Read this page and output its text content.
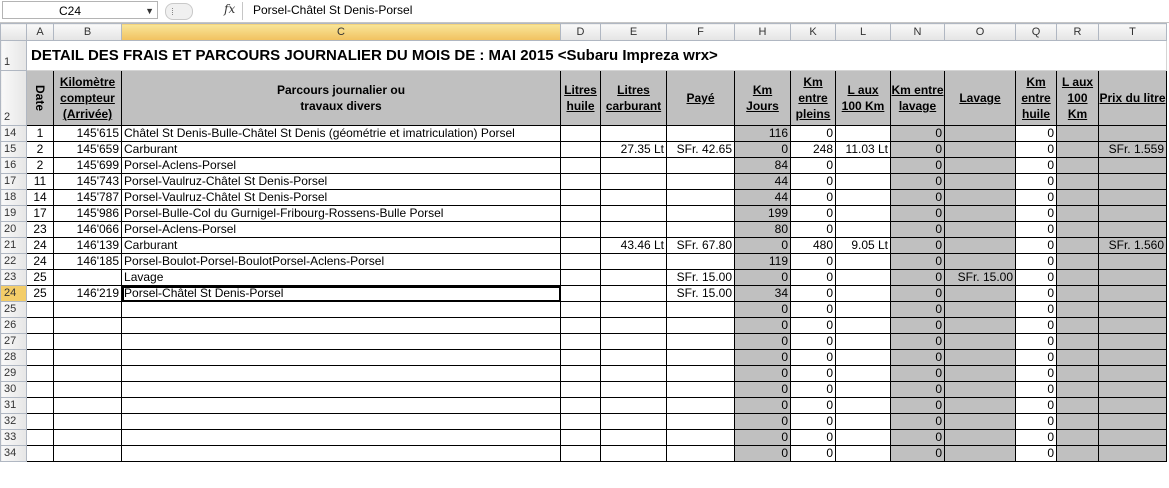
C24	▼	fx Porsel-Châtel St Denis-Porsel
	A	B	C	D	E	F	H	K	L	N	O	Q	R	T
1	DETAIL DES FRAIS ET PARCOURS JOURNALIER DU MOIS DE : MAI 2015 <Subaru Impreza wrx>													
2	Date	Kilomètre compteur (Arrivée)	Parcours journalier ou travaux divers	Litres huile	Litres carburant	Payé	Km Jours	Km entre pleins	L aux 100 Km	Km entre lavage	Lavage	Km entre huile	L aux 100 Km	Prix du litre
14	1	145'615	Châtel St Denis-Bulle-Châtel St Denis (géométrie et imatriculation) Porsel				116	0		0		0		
15	2	145'659	Carburant		27.35 Lt	SFr. 42.65	0	248	11.03 Lt	0		0		SFr. 1.559
16	2	145'699	Porsel-Aclens-Porsel				84	0		0		0		
17	11	145'743	Porsel-Vaulruz-Châtel St Denis-Porsel				44	0		0		0		
18	14	145'787	Porsel-Vaulruz-Châtel St Denis-Porsel				44	0		0		0		
19	17	145'986	Porsel-Bulle-Col du Gurnigel-Fribourg-Rossens-Bulle Porsel				199	0		0		0		
20	23	146'066	Porsel-Aclens-Porsel				80	0		0		0		
21	24	146'139	Carburant		43.46 Lt	SFr. 67.80	0	480	9.05 Lt	0		0		SFr. 1.560
22	24	146'185	Porsel-Boulot-Porsel-BoulotPorsel-Aclens-Porsel				119	0		0		0		
23	25		Lavage			SFr. 15.00	0	0		0	SFr. 15.00	0		
24	25	146'219	Porsel-Châtel St Denis-Porsel			SFr. 15.00	34	0		0		0		
25							0	0		0		0		
26							0	0		0		0		
27							0	0		0		0		
28							0	0		0		0		
29							0	0		0		0		
30							0	0		0		0		
31							0	0		0		0		
32							0	0		0		0		
33							0	0		0		0		
34							0	0		0		0		
